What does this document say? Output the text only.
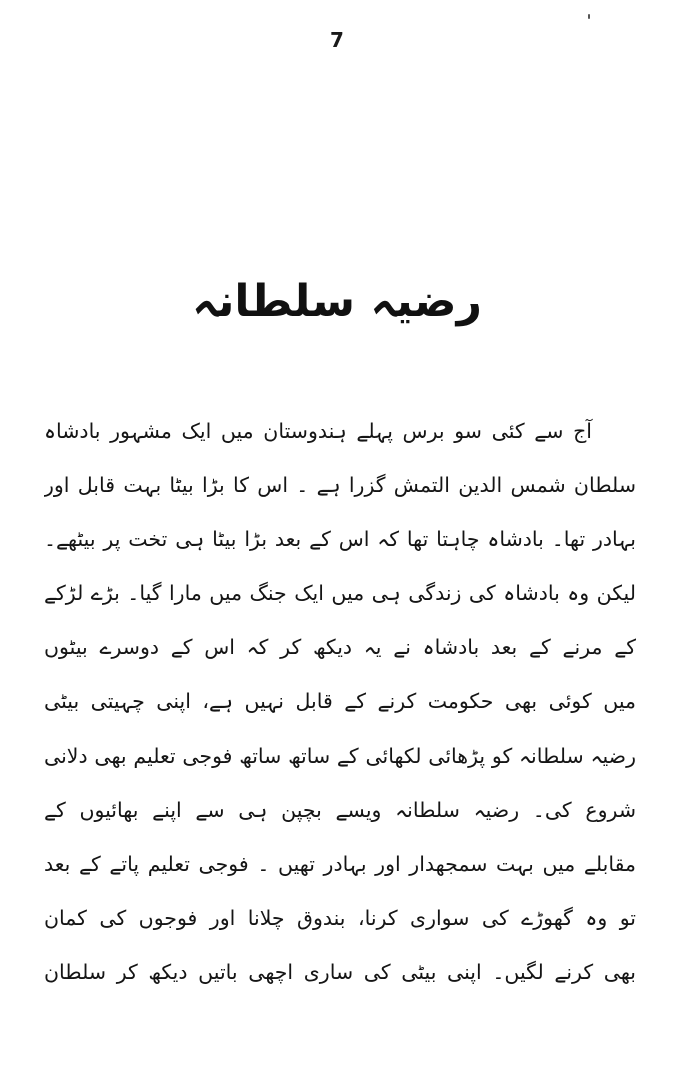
7
رضیہ سلطانہ
آج سے کئی سو برس پہلے ہندوستان میں ایک مشہور بادشاہ
سلطان شمس الدین التمش گزرا ہے ۔ اس کا بڑا بیٹا بہت قابل اور
بہادر تھا۔ بادشاہ چاہتا تھا کہ اس کے بعد بڑا بیٹا ہی تخت پر بیٹھے۔
لیکن وہ بادشاہ کی زندگی ہی میں ایک جنگ میں مارا گیا۔ بڑے لڑکے
کے مرنے کے بعد بادشاہ نے یہ دیکھ کر کہ اس کے دوسرے بیٹوں
میں کوئی بھی حکومت کرنے کے قابل نہیں ہے، اپنی چہیتی بیٹی
رضیہ سلطانہ کو پڑھائی لکھائی کے ساتھ ساتھ فوجی تعلیم بھی دلانی
شروع کی۔ رضیہ سلطانہ ویسے بچپن ہی سے اپنے بھائیوں کے
مقابلے میں بہت سمجھدار اور بہادر تھیں ۔ فوجی تعلیم پاتے کے بعد
تو وہ گھوڑے کی سواری کرنا، بندوق چلانا اور فوجوں کی کمان
بھی کرنے لگیں۔ اپنی بیٹی کی ساری اچھی باتیں دیکھ کر سلطان
